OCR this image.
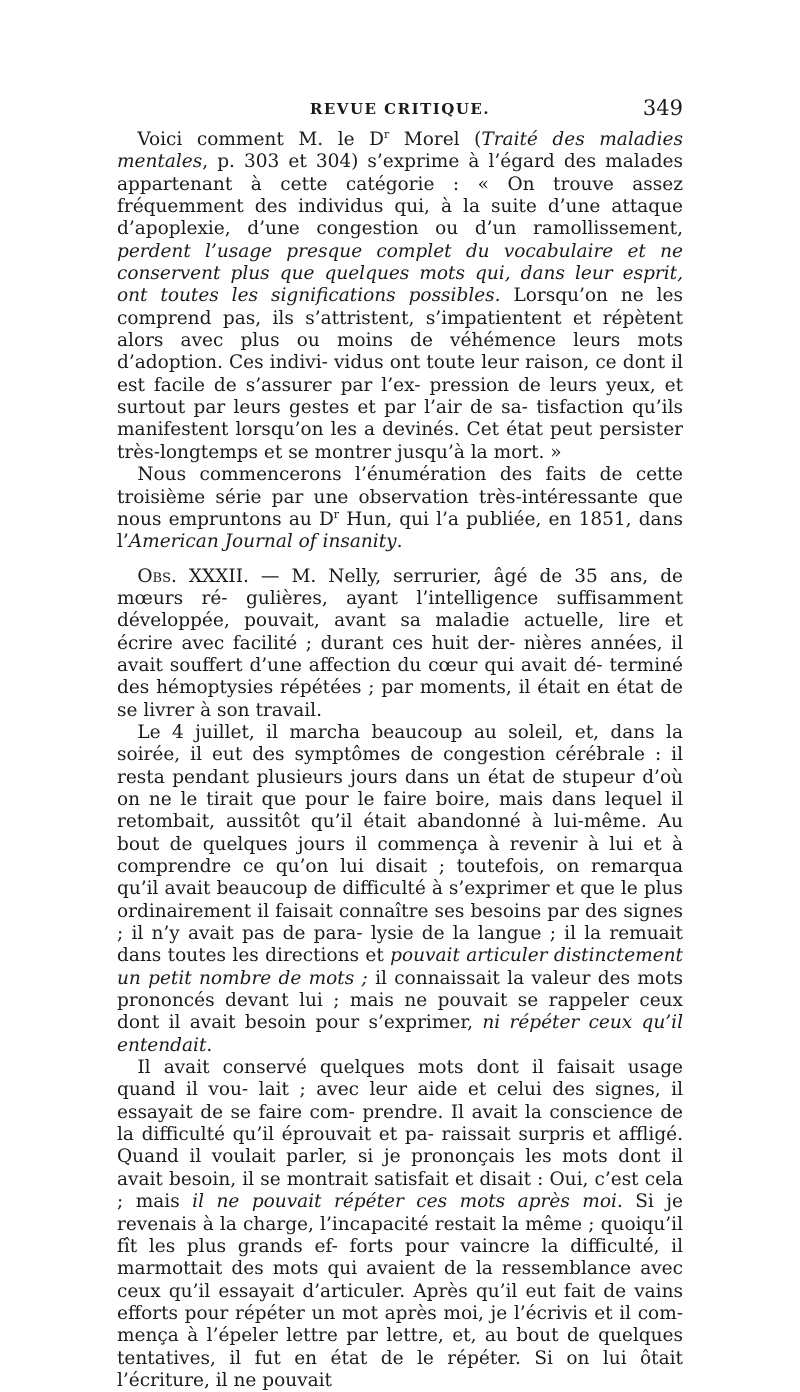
REVUE CRITIQUE.	349

Voici comment M. le $D^r$ Morel (Traité des maladies mentales, p. 303 et 304) s’exprime à l’égard des malades appartenant à cette catégorie : « On trouve assez fréquemment des individus qui, à la suite d’une attaque d’apoplexie, d’une congestion ou d’un ramollissement, perdent l’usage presque complet du vocabulaire et ne conservent plus que quelques mots qui, dans leur esprit, ont toutes les significations possibles. Lorsqu’on ne les comprend pas, ils s’attristent, s’impatientent et répètent alors avec plus ou moins de véhémence leurs mots d’adoption. Ces indivi- vidus ont toute leur raison, ce dont il est facile de s’assurer par l’ex- pression de leurs yeux, et surtout par leurs gestes et par l’air de sa- tisfaction qu’ils manifestent lorsqu’on les a devinés. Cet état peut persister très-longtemps et se montrer jusqu’à la mort. »

Nous commencerons l’énumération des faits de cette troisième série par une observation très-intéressante que nous empruntons au $D^r$ Hun, qui l’a publiée, en 1851, dans l’American Journal of insanity.

Obs. XXXII. — M. Nelly, serrurier, âgé de 35 ans, de mœurs ré- gulières, ayant l’intelligence suffisamment développée, pouvait, avant sa maladie actuelle, lire et écrire avec facilité ; durant ces huit der- nières années, il avait souffert d’une affection du cœur qui avait dé- terminé des hémoptysies répétées ; par moments, il était en état de se livrer à son travail.

Le 4 juillet, il marcha beaucoup au soleil, et, dans la soirée, il eut des symptômes de congestion cérébrale : il resta pendant plusieurs jours dans un état de stupeur d’où on ne le tirait que pour le faire boire, mais dans lequel il retombait, aussitôt qu’il était abandonné à lui-même. Au bout de quelques jours il commença à revenir à lui et à comprendre ce qu’on lui disait ; toutefois, on remarqua qu’il avait beaucoup de difficulté à s’exprimer et que le plus ordinairement il faisait connaître ses besoins par des signes ; il n’y avait pas de para- lysie de la langue ; il la remuait dans toutes les directions et pouvait articuler distinctement un petit nombre de mots ; il connaissait la valeur des mots prononcés devant lui ; mais ne pouvait se rappeler ceux dont il avait besoin pour s’exprimer, ni répéter ceux qu’il entendait.

Il avait conservé quelques mots dont il faisait usage quand il vou- lait ; avec leur aide et celui des signes, il essayait de se faire com- prendre. Il avait la conscience de la difficulté qu’il éprouvait et pa- raissait surpris et affligé. Quand il voulait parler, si je prononçais les mots dont il avait besoin, il se montrait satisfait et disait : Oui, c’est cela ; mais il ne pouvait répéter ces mots après moi. Si je revenais à la charge, l’incapacité restait la même ; quoiqu’il fît les plus grands ef- forts pour vaincre la difficulté, il marmottait des mots qui avaient de la ressemblance avec ceux qu’il essayait d’articuler. Après qu’il eut fait de vains efforts pour répéter un mot après moi, je l’écrivis et il com- mença à l’épeler lettre par lettre, et, au bout de quelques tentatives, il fut en état de le répéter. Si on lui ôtait l’écriture, il ne pouvait
